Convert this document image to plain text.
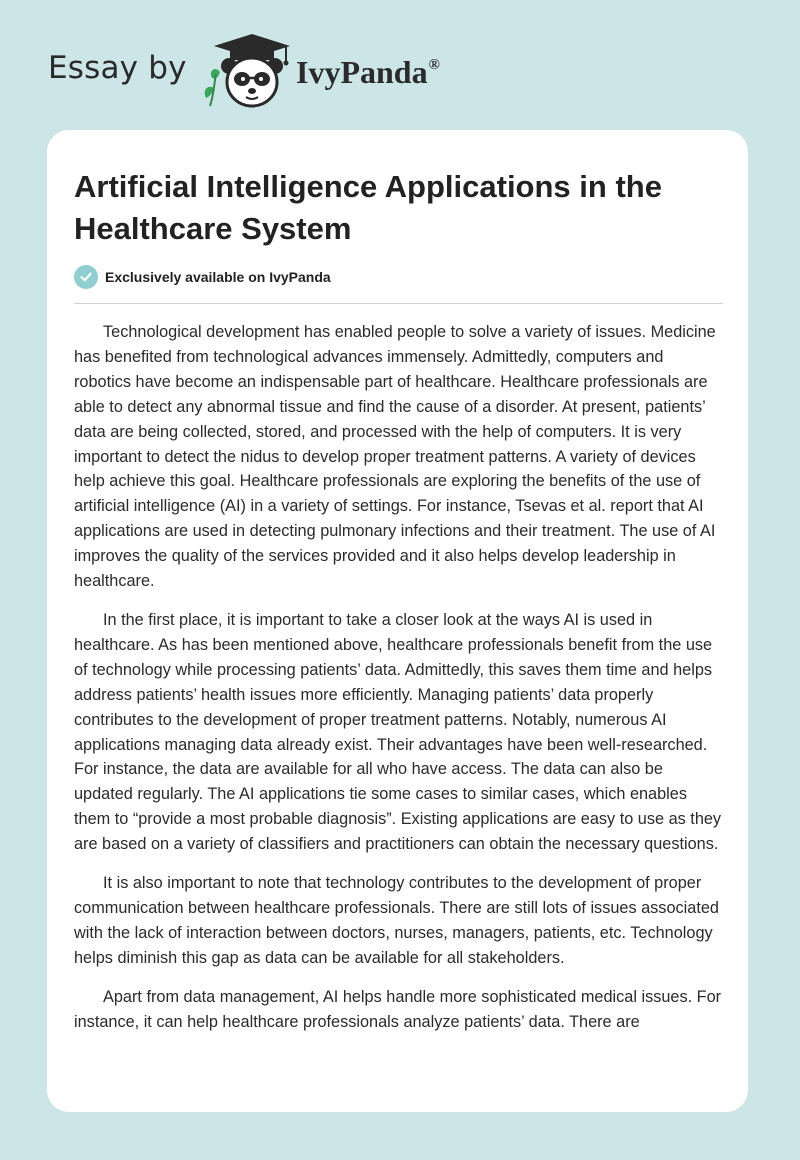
Essay by	IvyPanda®
Artificial Intelligence Applications in the Healthcare System
Exclusively available on IvyPanda

Technological development has enabled people to solve a variety of issues. Medicine has benefited from technological advances immensely. Admittedly, computers and robotics have become an indispensable part of healthcare. Healthcare professionals are able to detect any abnormal tissue and find the cause of a disorder. At present, patients’ data are being collected, stored, and processed with the help of computers. It is very important to detect the nidus to develop proper treatment patterns. A variety of devices help achieve this goal. Healthcare professionals are exploring the benefits of the use of artificial intelligence (AI) in a variety of settings. For instance, Tsevas et al. report that AI applications are used in detecting pulmonary infections and their treatment. The use of AI improves the quality of the services provided and it also helps develop leadership in healthcare.

In the first place, it is important to take a closer look at the ways AI is used in healthcare. As has been mentioned above, healthcare professionals benefit from the use of technology while processing patients’ data. Admittedly, this saves them time and helps address patients’ health issues more efficiently. Managing patients’ data properly contributes to the development of proper treatment patterns. Notably, numerous AI applications managing data already exist. Their advantages have been well-researched. For instance, the data are available for all who have access. The data can also be updated regularly. The AI applications tie some cases to similar cases, which enables them to “provide a most probable diagnosis”. Existing applications are easy to use as they are based on a variety of classifiers and practitioners can obtain the necessary questions.

It is also important to note that technology contributes to the development of proper communication between healthcare professionals. There are still lots of issues associated with the lack of interaction between doctors, nurses, managers, patients, etc. Technology helps diminish this gap as data can be available for all stakeholders.

Apart from data management, AI helps handle more sophisticated medical issues. For instance, it can help healthcare professionals analyze patients’ data. There are
